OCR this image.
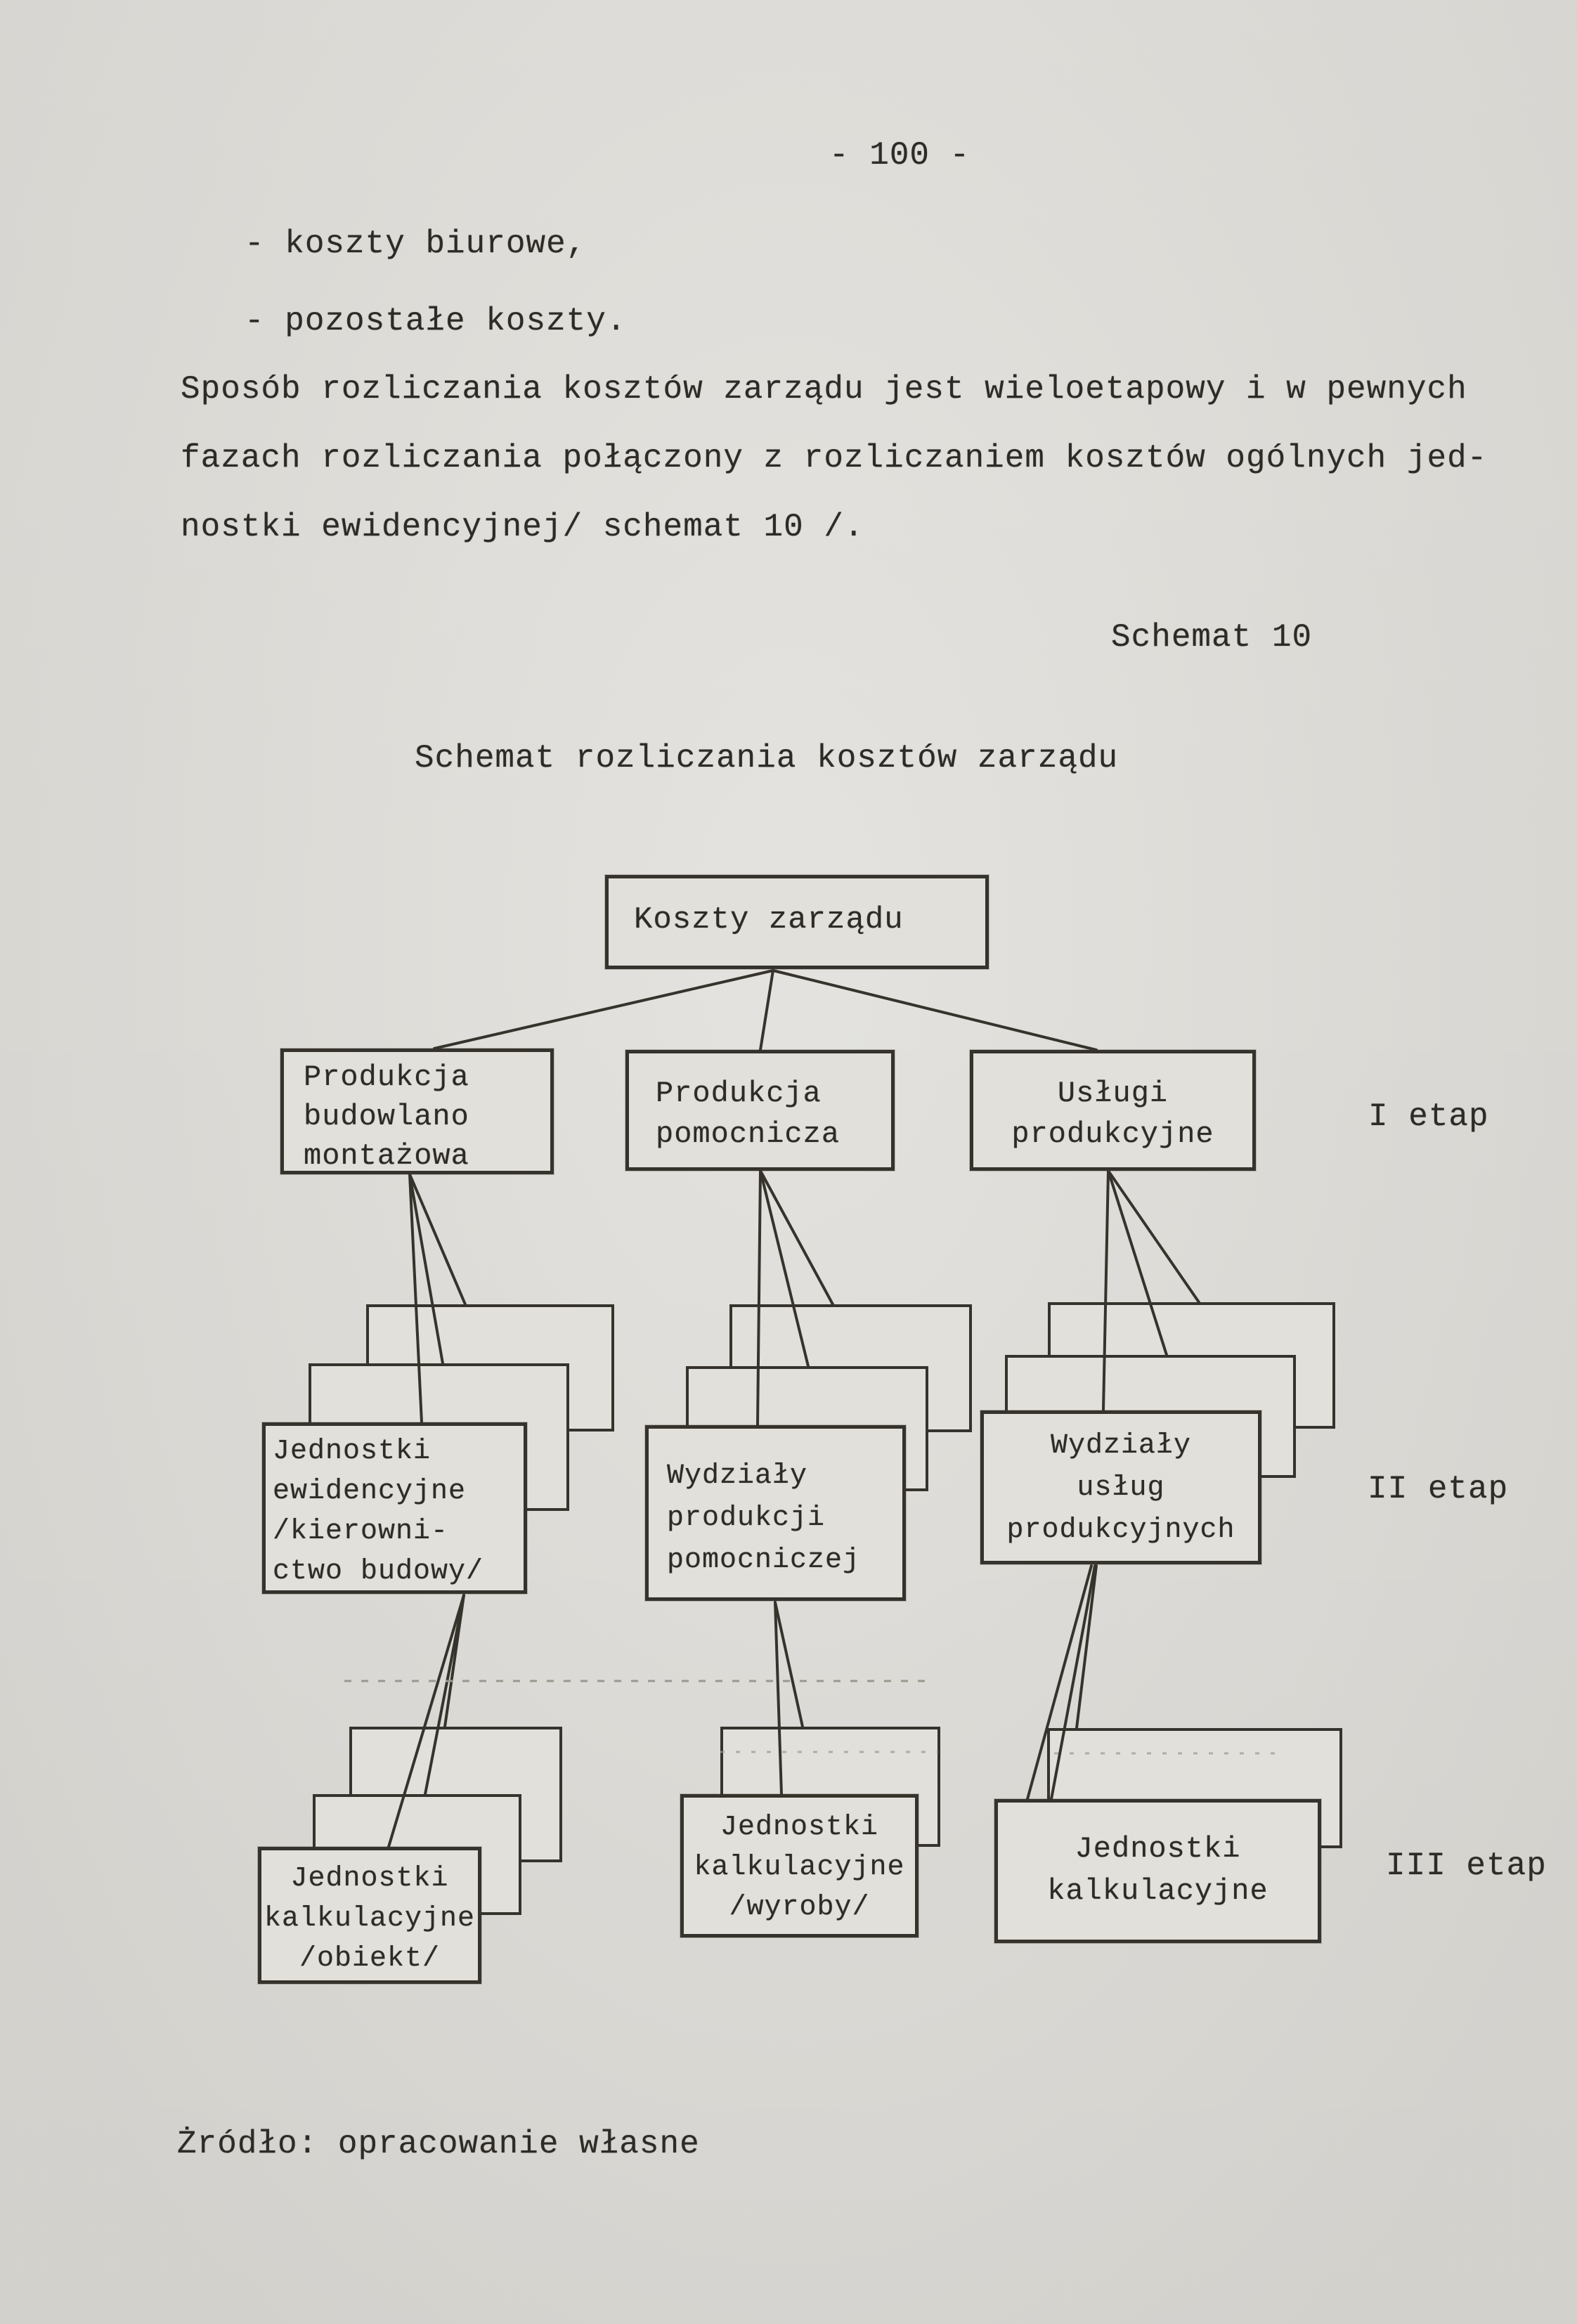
- 100 -
- koszty biurowe,
- pozostałe koszty.
Sposób rozliczania kosztów zarządu jest wieloetapowy i w pewnych
fazach rozliczania połączony z rozliczaniem kosztów ogólnych jed-
nostki ewidencyjnej/ schemat 10 /.
Schemat 10
Schemat rozliczania kosztów zarządu
Koszty zarządu
Produkcja
budowlano
montażowa
Produkcja
pomocnicza
Usługi
produkcyjne	I etap
Jednostki
ewidencyjne
/kierowni-
ctwo budowy/
Wydziały
produkcji
pomocniczej
Wydziały
usług
produkcyjnych
II etap
Jednostki
kalkulacyjne
/obiekt/
Jednostki
kalkulacyjne
/wyroby/
Jednostki
kalkulacyjne
III etap
Żródło: opracowanie własne
